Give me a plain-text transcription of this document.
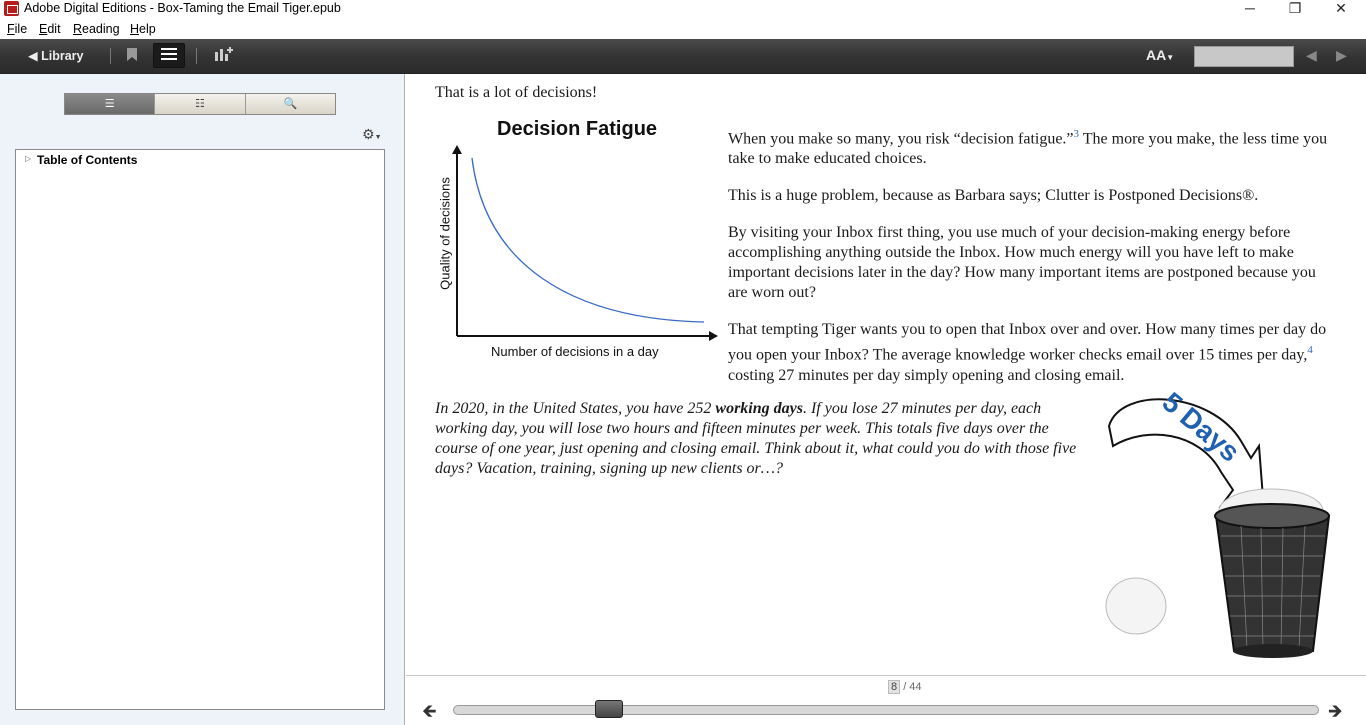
Adobe Digital Editions - Box-Taming the Email Tiger.epub	─	❐	✕
File Edit Reading Help
◀ Library	AA▼	◀ ▶
☰	☷	🔍
⚙▼
▷ Table of Contents
That is a lot of decisions!
Decision Fatigue
Quality of decisions
Number of decisions in a day

When you make so many, you risk “decision fatigue.”$^3$ The more you make, the less time you take to make educated choices.

This is a huge problem, because as Barbara says; Clutter is Postponed Decisions®.

By visiting your Inbox first thing, you use much of your decision-making energy before accomplishing anything outside the Inbox. How much energy will you have left to make important decisions later in the day? How many important items are postponed because you are worn out?

That tempting Tiger wants you to open that Inbox over and over. How many times per day do you open your Inbox? The average knowledge worker checks email over 15 times per day,$^4$ costing 27 minutes per day simply opening and closing email.

In 2020, in the United States, you have 252 working days. If you lose 27 minutes per day, each working day, you will lose two hours and fifteen minutes per week. This totals five days over the course of one year, just opening and closing email. Think about it, what could you do with those five days? Vacation, training, signing up new clients or…?
5 Days
8 / 44
🡸	🡺
